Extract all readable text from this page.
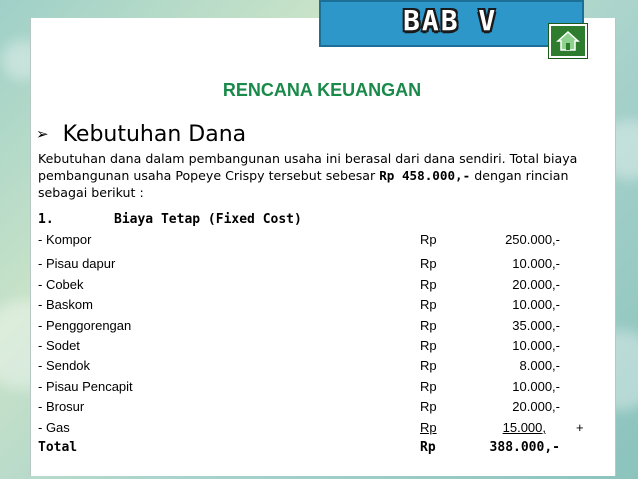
BAB V
RENCANA KEUANGAN
➢ Kebutuhan Dana
Kebutuhan dana dalam pembangunan usaha ini berasal dari dana sendiri. Total biaya pembangunan usaha Popeye Crispy tersebut sebesar Rp 458.000,- dengan rincian sebagai berikut :
1.	Biaya Tetap (Fixed Cost)
- Kompor	Rp	250.000,-
- Pisau dapur	Rp	10.000,-
- Cobek	Rp	20.000,-
- Baskom	Rp	10.000,-
- Penggorengan	Rp	35.000,-
- Sodet	Rp	10.000,-
- Sendok	Rp	8.000,-
- Pisau Pencapit	Rp	10.000,-
- Brosur	Rp	20.000,-
- Gas	Rp	15.000,	+
Total	Rp	388.000,-
